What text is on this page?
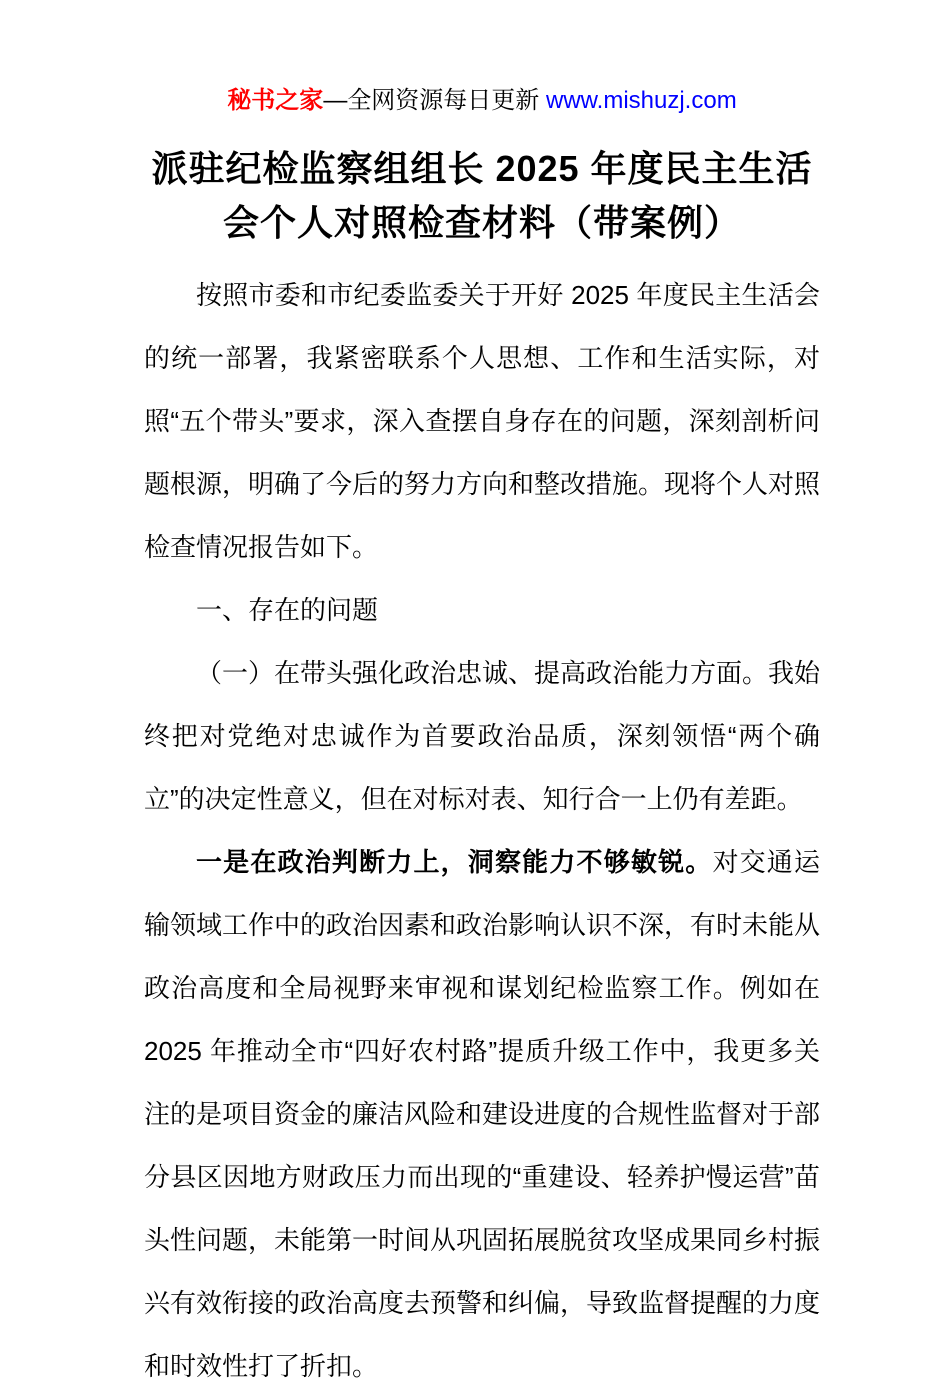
秘书之家—全网资源每日更新 www.mishuzj.com
派驻纪检监察组组长 2025 年度民主生活会个人对照检查材料（带案例）

按照市委和市纪委监委关于开好 2025 年度民主生活会的统一部署，我紧密联系个人思想、工作和生活实际，对照“五个带头”要求，深入查摆自身存在的问题，深刻剖析问题根源，明确了今后的努力方向和整改措施。现将个人对照检查情况报告如下。

一、存在的问题

（一）在带头强化政治忠诚、提高政治能力方面。我始终把对党绝对忠诚作为首要政治品质，深刻领悟“两个确立”的决定性意义，但在对标对表、知行合一上仍有差距。

一是在政治判断力上，洞察能力不够敏锐。对交通运输领域工作中的政治因素和政治影响认识不深，有时未能从政治高度和全局视野来审视和谋划纪检监察工作。例如在 2025 年推动全市“四好农村路”提质升级工作中，我更多关注的是项目资金的廉洁风险和建设进度的合规性监督对于部分县区因地方财政压力而出现的“重建设、轻养护慢运营”苗头性问题，未能第一时间从巩固拓展脱贫攻坚成果同乡村振兴有效衔接的政治高度去预警和纠偏，导致监督提醒的力度和时效性打了折扣。
